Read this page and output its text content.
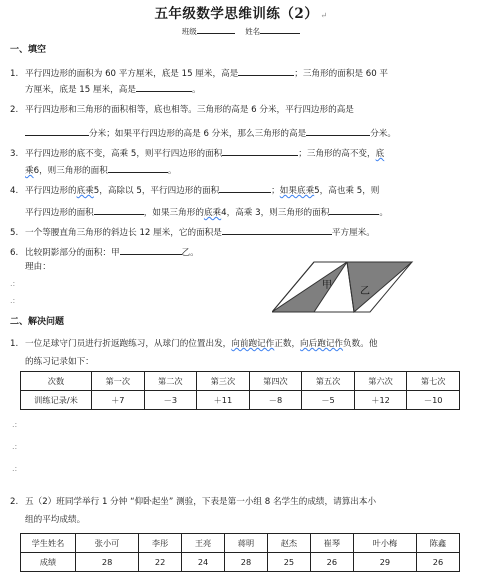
五年级数学思维训练（2） ↵
班级	姓名
一、填空
1. 平行四边形的面积为 60 平方厘米，底是 15 厘米，高是	；三角形的面积是 60 平
方厘米，底是 15 厘米，高是	。
2. 平行四边形和三角形的面积相等，底也相等。三角形的高是 6 分米，平行四边形的高是
分米；如果平行四边形的高是 6 分米，那么三角形的高是	分米。
3. 平行四边形的底不变，高乘 5，则平行四边形的面积	；三角形的高不变，底
乘6，则三角形的面积	。
4. 平行四边形的底乘5，高除以 5，平行四边形的面积	；如果底乘5，高也乘 5，则
平行四边形的面积	，如果三角形的底乘4，高乘 3，则三角形的面积	。
5. 一个等腰直角三角形的斜边长 12 厘米，它的面积是	平方厘米。
6. 比较阴影部分的面积：甲	乙。
理由：
.:
.:
甲
乙
二、解决问题
1. 一位足球守门员进行折返跑练习，从球门的位置出发，向前跑记作正数，向后跑记作负数。他
的练习记录如下：
次数	第一次	第二次	第三次	第四次	第五次	第六次	第七次
训练记录/米	＋7	－3	＋11	－8	－5	＋12	－10
.:
.:
.:
2. 五（2）班同学举行 1 分钟 “仰卧起坐” 测验，下表是第一小组 8 名学生的成绩，请算出本小
组的平均成绩。
学生姓名	张小可	李彤	王亮	蒋明	赵杰	崔琴	叶小梅	陈鑫
成绩	28	22	24	28	25	26	29	26
